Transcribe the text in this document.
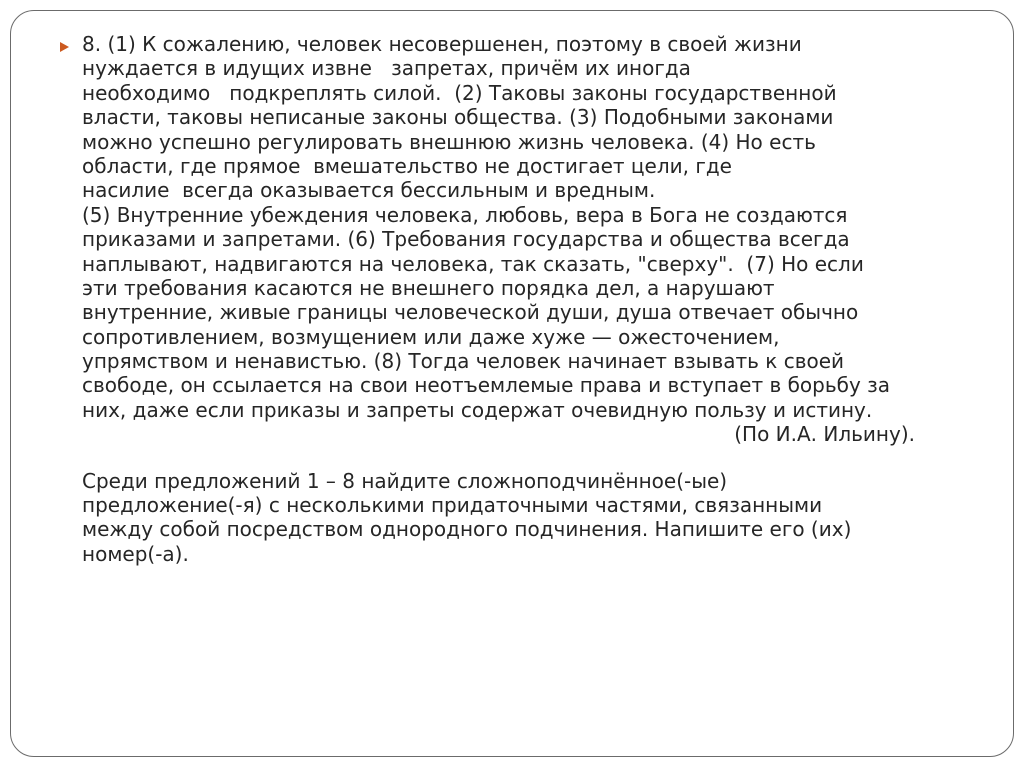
8. (1) К сожалению, человек несовершенен, поэтому в своей жизни
нуждается в идущих извне   запретах, причём их иногда
необходимо   подкреплять силой.  (2) Таковы законы государственной
власти, таковы неписаные законы общества. (3) Подобными законами
можно успешно регулировать внешнюю жизнь человека. (4) Но есть
области, где прямое  вмешательство не достигает цели, где
насилие  всегда оказывается бессильным и вредным.
(5) Внутренние убеждения человека, любовь, вера в Бога не создаются
приказами и запретами. (6) Требования государства и общества всегда
наплывают, надвигаются на человека, так сказать, "сверху".  (7) Но если
эти требования касаются не внешнего порядка дел, а нарушают
внутренние, живые границы человеческой души, душа отвечает обычно
сопротивлением, возмущением или даже хуже — ожесточением,
упрямством и ненавистью. (8) Тогда человек начинает взывать к своей
свободе, он ссылается на свои неотъемлемые права и вступает в борьбу за
них, даже если приказы и запреты содержат очевидную пользу и истину.
(По И.А. Ильину).
Среди предложений 1 – 8 найдите сложноподчинённое(-ые)
предложение(-я) с несколькими придаточными частями, связанными
между собой посредством однородного подчинения. Напишите его (их)
номер(-а).
